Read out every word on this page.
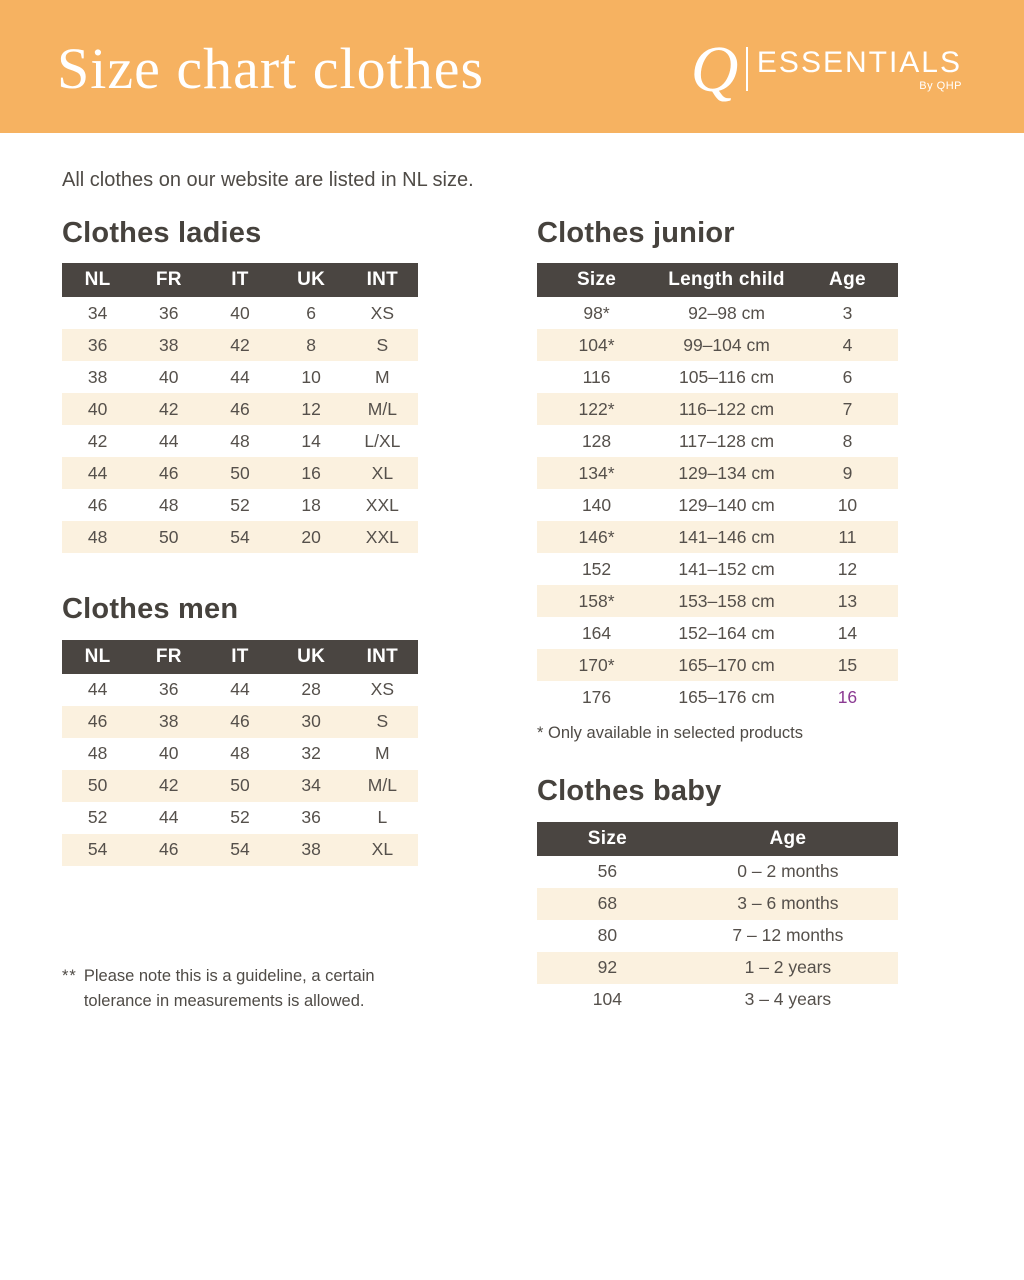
Size chart clothes	Q ESSENTIALS
By QHP

All clothes on our website are listed in NL size.

Clothes ladies
NL	FR	IT	UK	INT
34	36	40	6	XS
36	38	42	8	S
38	40	44	10	M
40	42	46	12	M/L
42	44	48	14	L/XL
44	46	50	16	XL
46	48	52	18	XXL
48	50	54	20	XXL
Clothes men
NL	FR	IT	UK	INT
44	36	44	28	XS
46	38	46	30	S
48	40	48	32	M
50	42	50	34	M/L
52	44	52	36	L
54	46	54	38	XL
** Please note this is a guideline, a certain
tolerance in measurements is allowed.
Clothes junior
Size	Length child	Age
98*	92–98 cm	3
104*	99–104 cm	4
116	105–116 cm	6
122*	116–122 cm	7
128	117–128 cm	8
134*	129–134 cm	9
140	129–140 cm	10
146*	141–146 cm	11
152	141–152 cm	12
158*	153–158 cm	13
164	152–164 cm	14
170*	165–170 cm	15
176	165–176 cm	16

* Only available in selected products

Clothes baby
Size	Age
56	0 – 2 months
68	3 – 6 months
80	7 – 12 months
92	1 – 2 years
104	3 – 4 years
